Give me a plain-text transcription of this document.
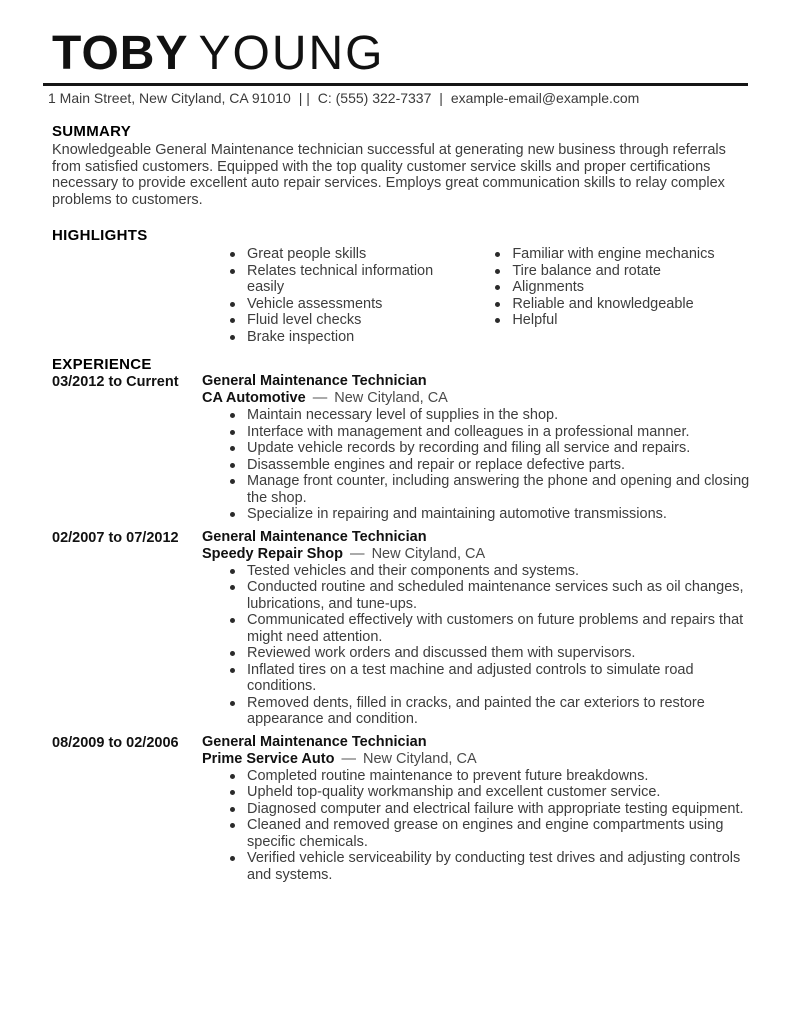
TOBY YOUNG
1 Main Street, New Cityland, CA 91010 | | C: (555) 322-7337 | example-email@example.com
SUMMARY

Knowledgeable General Maintenance technician successful at generating new business through referrals from satisfied customers. Equipped with the top quality customer service skills and proper certifications necessary to provide excellent auto repair services. Employs great communication skills to relay complex problems to customers.

HIGHLIGHTS
Great people skills
Relates technical information easily
Vehicle assessments
Fluid level checks
Brake inspection
Familiar with engine mechanics
Tire balance and rotate
Alignments
Reliable and knowledgeable
Helpful
EXPERIENCE
03/2012 to Current	General Maintenance Technician
CA Automotive — New Cityland, CA
Maintain necessary level of supplies in the shop.
Interface with management and colleagues in a professional manner.
Update vehicle records by recording and filing all service and repairs.
Disassemble engines and repair or replace defective parts.
Manage front counter, including answering the phone and opening and closing the shop.
Specialize in repairing and maintaining automotive transmissions.
02/2007 to 07/2012	General Maintenance Technician
Speedy Repair Shop — New Cityland, CA
Tested vehicles and their components and systems.
Conducted routine and scheduled maintenance services such as oil changes, lubrications, and tune-ups.
Communicated effectively with customers on future problems and repairs that might need attention.
Reviewed work orders and discussed them with supervisors.
Inflated tires on a test machine and adjusted controls to simulate road conditions.
Removed dents, filled in cracks, and painted the car exteriors to restore appearance and condition.
08/2009 to 02/2006	General Maintenance Technician
Prime Service Auto — New Cityland, CA
Completed routine maintenance to prevent future breakdowns.
Upheld top-quality workmanship and excellent customer service.
Diagnosed computer and electrical failure with appropriate testing equipment.
Cleaned and removed grease on engines and engine compartments using specific chemicals.
Verified vehicle serviceability by conducting test drives and adjusting controls and systems.
